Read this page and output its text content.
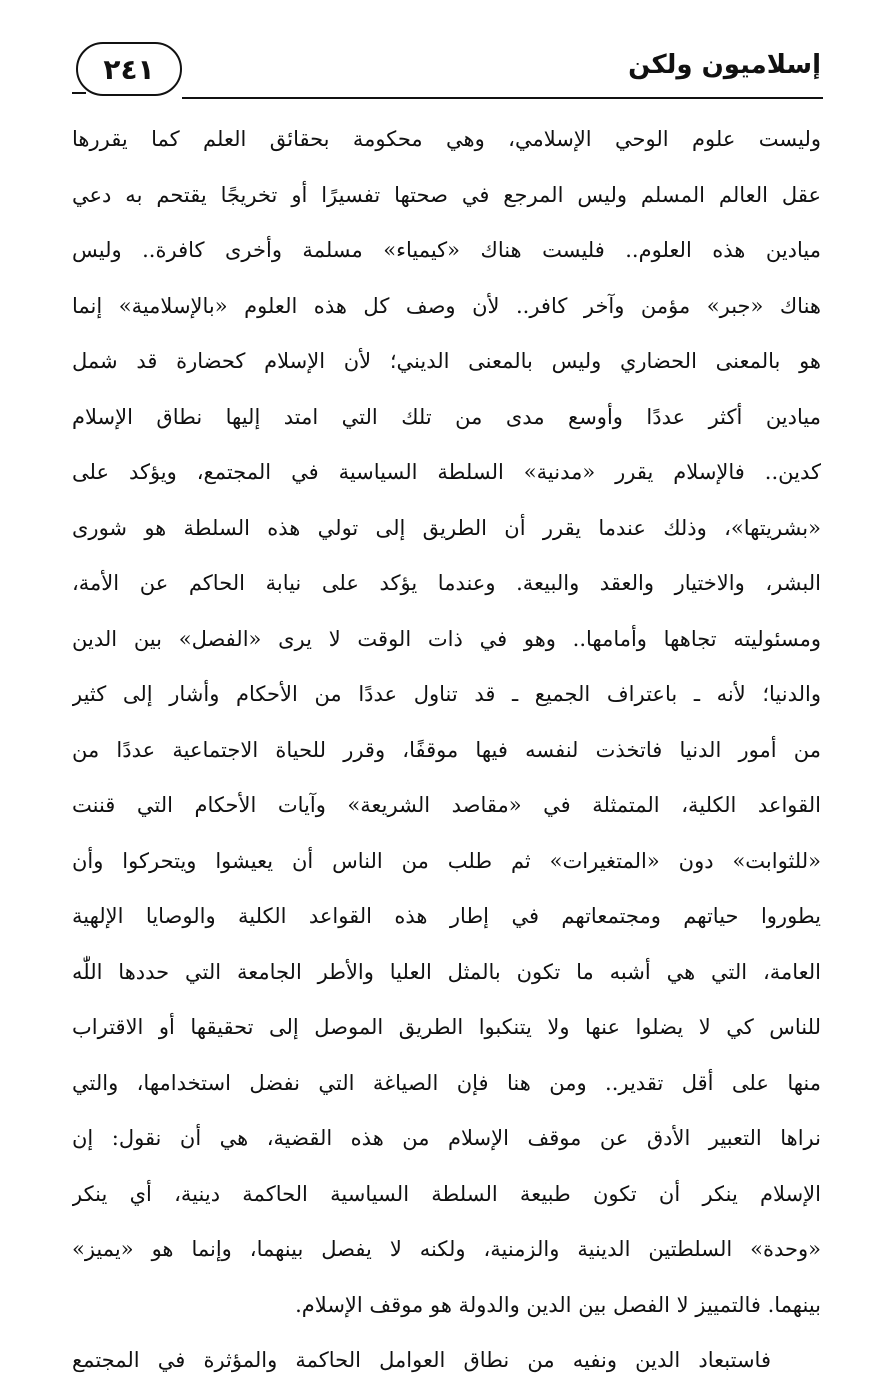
٢٤١	إسلاميون ولكن
وليست علوم الوحي الإسلامي، وهي محكومة بحقائق العلم كما يقررها
عقل العالم المسلم وليس المرجع في صحتها تفسيرًا أو تخريجًا يقتحم به دعي
ميادين هذه العلوم.. فليست هناك «كيمياء» مسلمة وأخرى كافرة.. وليس
هناك «جبر» مؤمن وآخر كافر.. لأن وصف كل هذه العلوم «بالإسلامية» إنما
هو بالمعنى الحضاري وليس بالمعنى الديني؛ لأن الإسلام كحضارة قد شمل
ميادين أكثر عددًا وأوسع مدى من تلك التي امتد إليها نطاق الإسلام
كدين.. فالإسلام يقرر «مدنية» السلطة السياسية في المجتمع، ويؤكد على
«بشريتها»، وذلك عندما يقرر أن الطريق إلى تولي هذه السلطة هو شورى
البشر، والاختيار والعقد والبيعة. وعندما يؤكد على نيابة الحاكم عن الأمة،
ومسئوليته تجاهها وأمامها.. وهو في ذات الوقت لا يرى «الفصل» بين الدين
والدنيا؛ لأنه ـ باعتراف الجميع ـ قد تناول عددًا من الأحكام وأشار إلى كثير
من أمور الدنيا فاتخذت لنفسه فيها موقفًا، وقرر للحياة الاجتماعية عددًا من
القواعد الكلية، المتمثلة في «مقاصد الشريعة» وآيات الأحكام التي قننت
«للثوابت» دون «المتغيرات» ثم طلب من الناس أن يعيشوا ويتحركوا وأن
يطوروا حياتهم ومجتمعاتهم في إطار هذه القواعد الكلية والوصايا الإلهية
العامة، التي هي أشبه ما تكون بالمثل العليا والأطر الجامعة التي حددها اللّٰه
للناس كي لا يضلوا عنها ولا يتنكبوا الطريق الموصل إلى تحقيقها أو الاقتراب
منها على أقل تقدير.. ومن هنا فإن الصياغة التي نفضل استخدامها، والتي
نراها التعبير الأدق عن موقف الإسلام من هذه القضية، هي أن نقول: إن
الإسلام ينكر أن تكون طبيعة السلطة السياسية الحاكمة دينية، أي ينكر
«وحدة» السلطتين الدينية والزمنية، ولكنه لا يفصل بينهما، وإنما هو «يميز»
بينهما. فالتمييز لا الفصل بين الدين والدولة هو موقف الإسلام.
فاستبعاد الدين ونفيه من نطاق العوامل الحاكمة والمؤثرة في المجتمع
